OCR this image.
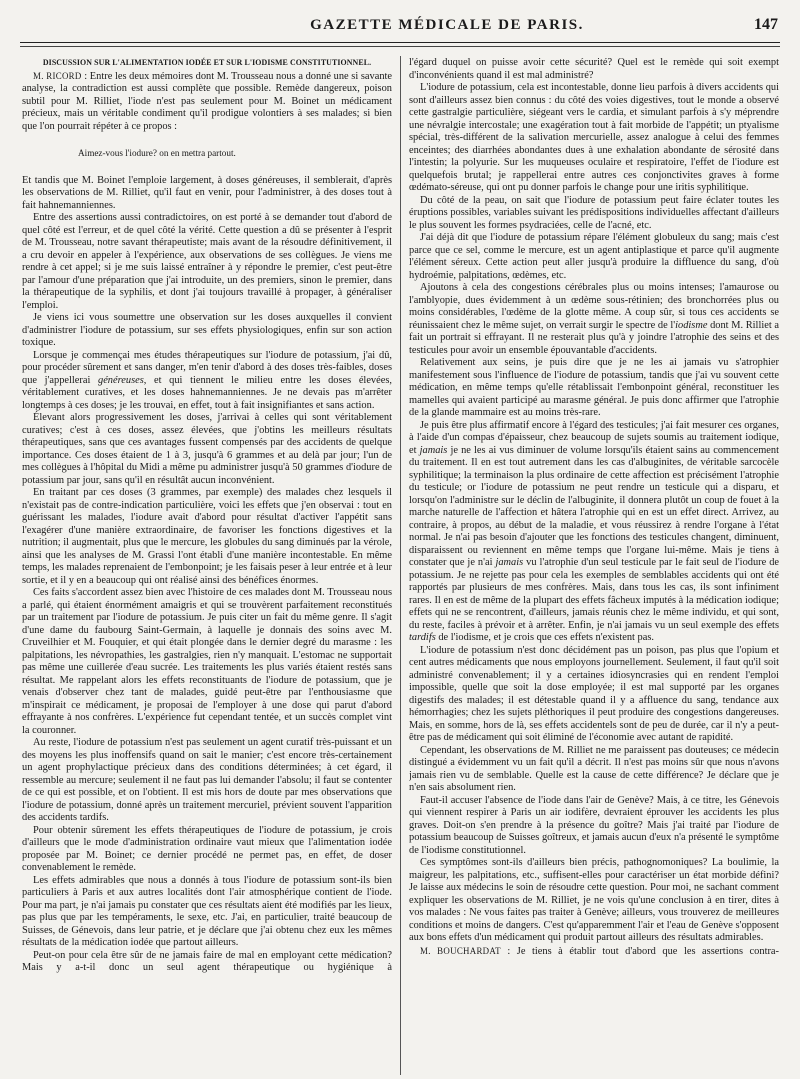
GAZETTE MÉDICALE DE PARIS.	147

DISCUSSION SUR L'ALIMENTATION IODÉE ET SUR L'IODISME CONSTITUTIONNEL.

M. RICORD : Entre les deux mémoires dont M. Trousseau nous a donné une si savante analyse, la contradiction est aussi complète que possible. Remède dangereux, poison subtil pour M. Rilliet, l'iode n'est pas seulement pour M. Boinet un médicament précieux, mais un véritable condiment qu'il prodigue volontiers à ses malades; si bien que l'on pourrait répéter à ce propos :

Aimez-vous l'iodure? on en mettra partout.

Et tandis que M. Boinet l'emploie largement, à doses généreuses, il semblerait, d'après les observations de M. Rilliet, qu'il faut en venir, pour l'administrer, à des doses tout à fait hahnemanniennes.

Entre des assertions aussi contradictoires, on est porté à se demander tout d'abord de quel côté est l'erreur, et de quel côté la vérité. Cette question a dû se présenter à l'esprit de M. Trousseau, notre savant thérapeutiste; mais avant de la résoudre définitivement, il a cru devoir en appeler à l'expérience, aux observations de ses collègues. Je viens me rendre à cet appel; si je me suis laissé entraîner à y répondre le premier, c'est peut-être par l'amour d'une préparation que j'ai introduite, un des premiers, sinon le premier, dans la thérapeutique de la syphilis, et dont j'ai toujours travaillé à propager, à généraliser l'emploi.

Je viens ici vous soumettre une observation sur les doses auxquelles il convient d'administrer l'iodure de potassium, sur ses effets physiologiques, enfin sur son action toxique.

Lorsque je commençai mes études thérapeutiques sur l'iodure de potassium, j'ai dû, pour procéder sûrement et sans danger, m'en tenir d'abord à des doses très-faibles, doses que j'appellerai généreuses, et qui tiennent le milieu entre les doses élevées, véritablement curatives, et les doses hahnemanniennes. Je ne devais pas m'arrêter longtemps à ces doses; je les trouvai, en effet, tout à fait insignifiantes et sans action.

Élevant alors progressivement les doses, j'arrivai à celles qui sont véritablement curatives; c'est à ces doses, assez élevées, que j'obtins les meilleurs résultats thérapeutiques, sans que ces avantages fussent compensés par des accidents de quelque importance. Ces doses étaient de 1 à 3, jusqu'à 6 grammes et au delà par jour; l'un de mes collègues à l'hôpital du Midi a même pu administrer jusqu'à 50 grammes d'iodure de potassium par jour, sans qu'il en résultât aucun inconvénient.

En traitant par ces doses (3 grammes, par exemple) des malades chez lesquels il n'existait pas de contre-indication particulière, voici les effets que j'en observai : tout en guérissant les malades, l'iodure avait d'abord pour résultat d'activer l'appétit sans l'exagérer d'une manière extraordinaire, de favoriser les fonctions digestives et la nutrition; il augmentait, plus que le mercure, les globules du sang diminués par la vérole, ainsi que les analyses de M. Grassi l'ont établi d'une manière incontestable. En même temps, les malades reprenaient de l'embonpoint; je les faisais peser à leur entrée et à leur sortie, et il y en a beaucoup qui ont réalisé ainsi des bénéfices énormes.

Ces faits s'accordent assez bien avec l'histoire de ces malades dont M. Trousseau nous a parlé, qui étaient énormément amaigris et qui se trouvèrent parfaitement reconstitués par un traitement par l'iodure de potassium. Je puis citer un fait du même genre. Il s'agit d'une dame du faubourg Saint-Germain, à laquelle je donnais des soins avec M. Cruveilhier et M. Fouquier, et qui était plongée dans le dernier degré du marasme : les palpitations, les névropathies, les gastralgies, rien n'y manquait. L'estomac ne supportait pas même une cuillerée d'eau sucrée. Les traitements les plus variés étaient restés sans résultat. Me rappelant alors les effets reconstituants de l'iodure de potassium, que je venais d'observer chez tant de malades, guidé peut-être par l'enthousiasme que m'inspirait ce médicament, je proposai de l'employer à une dose qui parut d'abord effrayante à nos confrères. L'expérience fut cependant tentée, et un succès complet vint la couronner.

Au reste, l'iodure de potassium n'est pas seulement un agent curatif très-puissant et un des moyens les plus inoffensifs quand on sait le manier; c'est encore très-certainement un agent prophylactique précieux dans des conditions déterminées; à cet égard, il ressemble au mercure; seulement il ne faut pas lui demander l'absolu; il faut se contenter de ce qui est possible, et on l'obtient. Il est mis hors de doute par mes observations que l'iodure de potassium, donné après un traitement mercuriel, prévient souvent l'apparition des accidents tardifs.

Pour obtenir sûrement les effets thérapeutiques de l'iodure de potassium, je crois d'ailleurs que le mode d'administration ordinaire vaut mieux que l'alimentation iodée proposée par M. Boinet; ce dernier procédé ne permet pas, en effet, de doser convenablement le remède.

Les effets admirables que nous a donnés à tous l'iodure de potassium sont-ils bien particuliers à Paris et aux autres localités dont l'air atmosphérique contient de l'iode. Pour ma part, je n'ai jamais pu constater que ces résultats aient été modifiés par les lieux, pas plus que par les tempéraments, le sexe, etc. J'ai, en particulier, traité beaucoup de Suisses, de Génevois, dans leur patrie, et je déclare que j'ai obtenu chez eux les mêmes résultats de la médication iodée que partout ailleurs.

Peut-on pour cela être sûr de ne jamais faire de mal en employant cette médication? Mais y a-t-il donc un seul agent thérapeutique ou hygiénique à

l'égard duquel on puisse avoir cette sécurité? Quel est le remède qui soit exempt d'inconvénients quand il est mal administré?

L'iodure de potassium, cela est incontestable, donne lieu parfois à divers accidents qui sont d'ailleurs assez bien connus : du côté des voies digestives, tout le monde a observé cette gastralgie particulière, siégeant vers le cardia, et simulant parfois à s'y méprendre une névralgie intercostale; une exagération tout à fait morbide de l'appétit; un ptyalisme spécial, très-différent de la salivation mercurielle, assez analogue à celui des femmes enceintes; des diarrhées abondantes dues à une exhalation abondante de sérosité dans l'intestin; la polyurie. Sur les muqueuses oculaire et respiratoire, l'effet de l'iodure est quelquefois brutal; je rappellerai entre autres ces conjonctivites graves à forme œdémato-séreuse, qui ont pu donner parfois le change pour une iritis syphilitique.

Du côté de la peau, on sait que l'iodure de potassium peut faire éclater toutes les éruptions possibles, variables suivant les prédispositions individuelles affectant d'ailleurs le plus souvent les formes psydraciées, celle de l'acné, etc.

J'ai déjà dit que l'iodure de potassium répare l'élément globuleux du sang; mais c'est parce que ce sel, comme le mercure, est un agent antiplastique et parce qu'il augmente l'élément séreux. Cette action peut aller jusqu'à produire la diffluence du sang, d'où hydroémie, palpitations, œdèmes, etc.

Ajoutons à cela des congestions cérébrales plus ou moins intenses; l'amaurose ou l'amblyopie, dues évidemment à un œdème sous-rétinien; des bronchorrées plus ou moins considérables, l'œdème de la glotte même. A coup sûr, si tous ces accidents se réunissaient chez le même sujet, on verrait surgir le spectre de l'iodisme dont M. Rilliet a fait un portrait si effrayant. Il ne resterait plus qu'à y joindre l'atrophie des seins et des testicules pour avoir un ensemble épouvantable d'accidents.

Relativement aux seins, je puis dire que je ne les ai jamais vu s'atrophier manifestement sous l'influence de l'iodure de potassium, tandis que j'ai vu souvent cette médication, en même temps qu'elle rétablissait l'embonpoint général, reconstituer les mamelles qui avaient participé au marasme général. Je puis donc affirmer que l'atrophie de la glande mammaire est au moins très-rare.

Je puis être plus affirmatif encore à l'égard des testicules; j'ai fait mesurer ces organes, à l'aide d'un compas d'épaisseur, chez beaucoup de sujets soumis au traitement iodique, et jamais je ne les ai vus diminuer de volume lorsqu'ils étaient sains au commencement du traitement. Il en est tout autrement dans les cas d'albuginites, de véritable sarcocèle syphilitique; la terminaison la plus ordinaire de cette affection est précisément l'atrophie du testicule; or l'iodure de potassium ne peut rendre un testicule qui a disparu, et lorsqu'on l'administre sur le déclin de l'albuginite, il donnera plutôt un coup de fouet à la marche naturelle de l'affection et hâtera l'atrophie qui en est un effet direct. Arrivez, au contraire, à propos, au début de la maladie, et vous réussirez à rendre l'organe à l'état normal. Je n'ai pas besoin d'ajouter que les fonctions des testicules changent, diminuent, disparaissent ou reviennent en même temps que l'organe lui-même. Mais je tiens à constater que je n'ai jamais vu l'atrophie d'un seul testicule par le fait seul de l'iodure de potassium. Je ne rejette pas pour cela les exemples de semblables accidents qui ont été rapportés par plusieurs de mes confrères. Mais, dans tous les cas, ils sont infiniment rares. Il en est de même de la plupart des effets fâcheux imputés à la médication iodique; effets qui ne se rencontrent, d'ailleurs, jamais réunis chez le même individu, et qui sont, du reste, faciles à prévoir et à arrêter. Enfin, je n'ai jamais vu un seul exemple des effets tardifs de l'iodisme, et je crois que ces effets n'existent pas.

L'iodure de potassium n'est donc décidément pas un poison, pas plus que l'opium et cent autres médicaments que nous employons journellement. Seulement, il faut qu'il soit administré convenablement; il y a certaines idiosyncrasies qui en rendent l'emploi impossible, quelle que soit la dose employée; il est mal supporté par les organes digestifs des malades; il est détestable quand il y a affluence du sang, tendance aux hémorrhagies; chez les sujets pléthoriques il peut produire des congestions dangereuses. Mais, en somme, hors de là, ses effets accidentels sont de peu de durée, car il n'y a peut-être pas de médicament qui soit éliminé de l'économie avec autant de rapidité.

Cependant, les observations de M. Rilliet ne me paraissent pas douteuses; ce médecin distingué a évidemment vu un fait qu'il a décrit. Il n'est pas moins sûr que nous n'avons jamais rien vu de semblable. Quelle est la cause de cette différence? Je déclare que je n'en sais absolument rien.

Faut-il accuser l'absence de l'iode dans l'air de Genève? Mais, à ce titre, les Génevois qui viennent respirer à Paris un air iodifère, devraient éprouver les accidents les plus graves. Doit-on s'en prendre à la présence du goître? Mais j'ai traité par l'iodure de potassium beaucoup de Suisses goîtreux, et jamais aucun d'eux n'a présenté le symptôme de l'iodisme constitutionnel.

Ces symptômes sont-ils d'ailleurs bien précis, pathognomoniques? La boulimie, la maigreur, les palpitations, etc., suffisent-elles pour caractériser un état morbide défini? Je laisse aux médecins le soin de résoudre cette question. Pour moi, ne sachant comment expliquer les observations de M. Rilliet, je ne vois qu'une conclusion à en tirer, dites à vos malades : Ne vous faites pas traiter à Genève; ailleurs, vous trouverez de meilleures conditions et moins de dangers. C'est qu'apparemment l'air et l'eau de Genève s'opposent aux bons effets d'un médicament qui produit partout ailleurs des résultats admirables.

M. BOUCHARDAT : Je tiens à établir tout d'abord que les assertions contra-
